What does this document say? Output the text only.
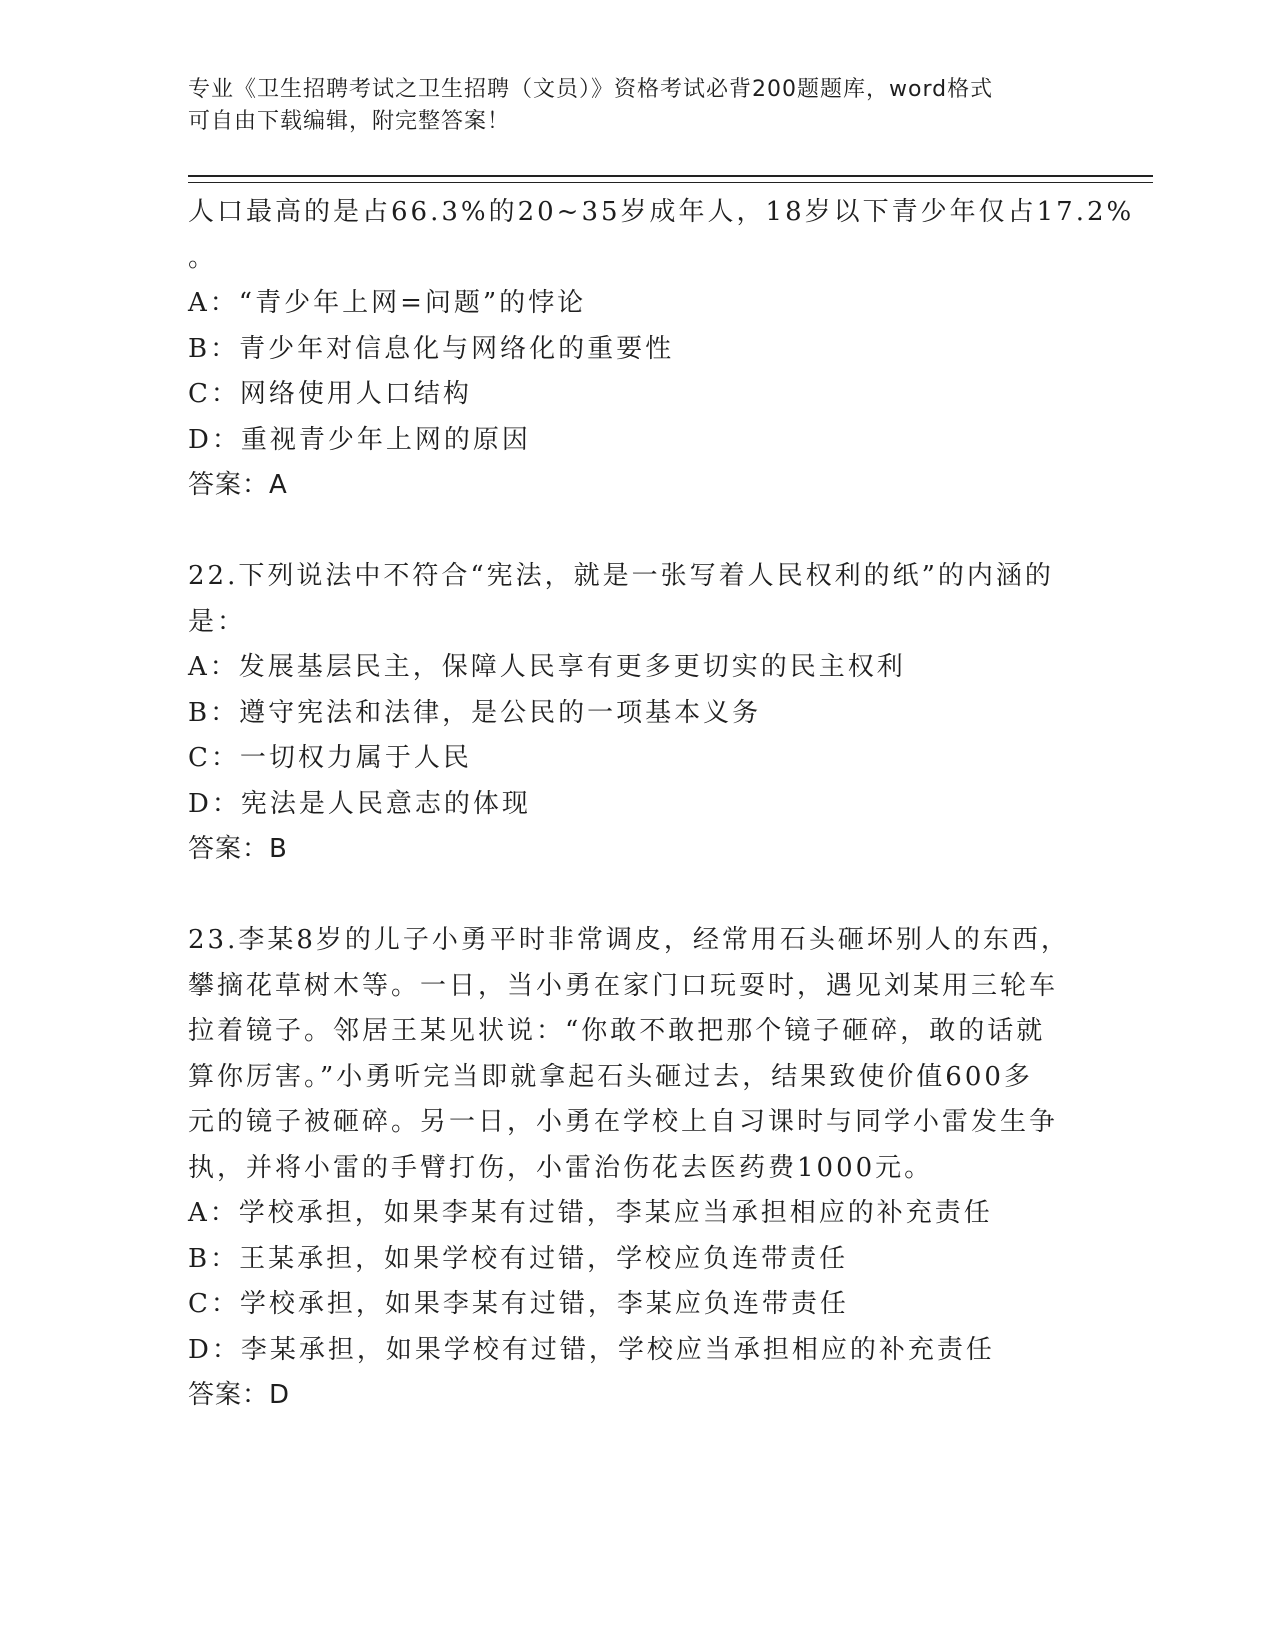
专业《卫生招聘考试之卫生招聘（文员）》资格考试必背200题题库，word格式
可自由下载编辑，附完整答案！
人口最高的是占66.3%的20~35岁成年人，18岁以下青少年仅占17.2%
。
A：“青少年上网=问题”的悖论
B：青少年对信息化与网络化的重要性
C：网络使用人口结构
D：重视青少年上网的原因
答案：A
22.下列说法中不符合“宪法，就是一张写着人民权利的纸”的内涵的
是：
A：发展基层民主，保障人民享有更多更切实的民主权利
B：遵守宪法和法律，是公民的一项基本义务
C：一切权力属于人民
D：宪法是人民意志的体现
答案：B
23.李某8岁的儿子小勇平时非常调皮，经常用石头砸坏别人的东西，
攀摘花草树木等。一日，当小勇在家门口玩耍时，遇见刘某用三轮车
拉着镜子。邻居王某见状说：“你敢不敢把那个镜子砸碎，敢的话就
算你厉害。”小勇听完当即就拿起石头砸过去，结果致使价值600多
元的镜子被砸碎。另一日，小勇在学校上自习课时与同学小雷发生争
执，并将小雷的手臂打伤，小雷治伤花去医药费1000元。
A：学校承担，如果李某有过错，李某应当承担相应的补充责任
B：王某承担，如果学校有过错，学校应负连带责任
C：学校承担，如果李某有过错，李某应负连带责任
D：李某承担，如果学校有过错，学校应当承担相应的补充责任
答案：D
